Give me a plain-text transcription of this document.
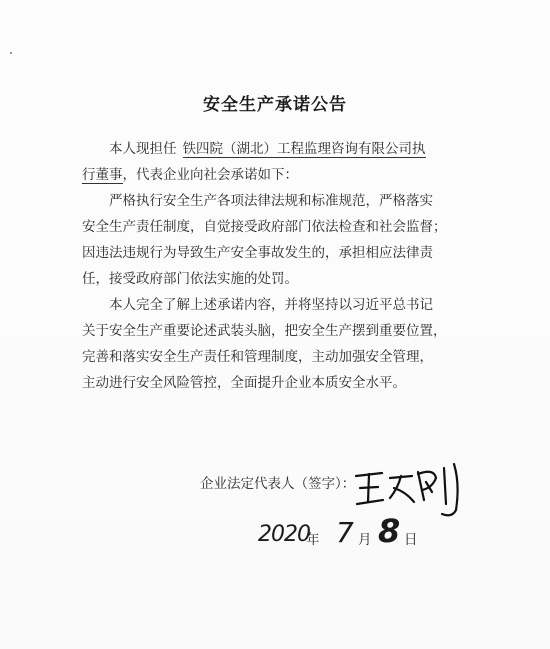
安全生产承诺公告
本人现担任 铁四院（湖北）工程监理咨询有限公司执
行董事，代表企业向社会承诺如下：
严格执行安全生产各项法律法规和标准规范，严格落实
安全生产责任制度，自觉接受政府部门依法检查和社会监督；
因违法违规行为导致生产安全事故发生的，承担相应法律责
任，接受政府部门依法实施的处罚。
本人完全了解上述承诺内容，并将坚持以习近平总书记
关于安全生产重要论述武装头脑，把安全生产摆到重要位置，
完善和落实安全生产责任和管理制度，主动加强安全管理，
主动进行安全风险管控，全面提升企业本质安全水平。
企业法定代表人（签字）：
2020
年 7 月 8 日
